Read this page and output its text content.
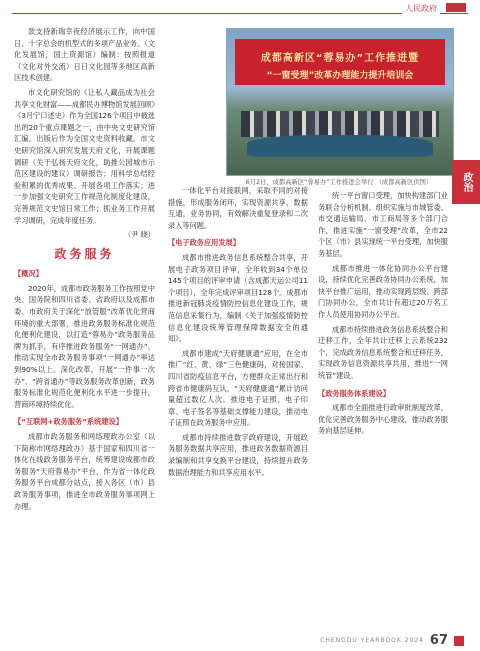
人民政府

款支持新瑞幸夜经济展示工作，向中国日、十字总会的机型式的多项产品业务。（文化发展馆，国土资源馆）编制：按照报道（文化对外交流）日日文化园等多地区高新区技术创建。

市文化研究馆的《让私人藏品成为社会共享文化财富——成都民办博物馆发展回顾》（3月宁口述史）作为全国126个项目中被选出的20个重点课题之一，由中央文史研究馆汇编。出版后作为全国文史资料收藏。市文史研究馆深入研究发展天府文化，开展课题调研（关于弘扬天府文化，助推公园城市示范区建设的建议）调研报告；用科学总结经验积累的优秀成果、开展各项工作落实；进一步加强文史研究工作规范化制度化建设，完善规范文史馆日常工作；抓业务工作开展学习调研，完成年度任务。

（尹 晓）

政务服务
【概况】

2020年，成都市政务服务工作按照党中央、国务院和四川省委、省政府以及成都市委、市政府关于深化“放管服”改革优化营商环境的重大部署，推进政务服务标准化规范化便利化建设，以打造“蓉易办”政务服务品牌为抓手，有序推进政务服务“一网通办”，推动实现全市政务服务事项“一网通办”率达到90%以上。深化改革，开展“一件事一次办”、“跨省通办”等政务服务改革创新，政务服务标准化规范化便利化水平进一步提升，营商环境持续优化。

【“互联网+政务服务”系统建设】

成都市政务服务和网络理政办公室（以下简称市网络理政办）基于国家和四川省一体化在线政务服务平台，统筹建设成都市政务服务“天府蓉易办”平台，作为省一体化政务服务平台成都分站点，接入各区（市）县政务服务事项，推进全市政务服务事项网上办理。

成都高新区“蓉易办”工作推进暨
“一窗受理”改革办理能力提升培训会
6月2日，成都高新区“蓉易办”工作推进会举行 （成都高新区供图）

一体化平台对接联网，采取不同的对接措施，形成服务闭环，实现资源共享，数据互通，业务协同，有效解决重复登录和二次录入等问题。

【电子政务应用发展】

成都市推进政务信息系统整合共享，开展电子政务项目评审，全年收到34个单位145个项目的评审申请（含成都天运公司11个项目），全年完成评审项目128个。成都市推进新冠肺炎疫情防控信息化建设工作，规范信息采集行为，编制《关于加强疫情防控信息化建设统筹管理保障数据安全的通知》。

成都市建成“天府健康通”应用，在全市推广“红、黄、绿”三色健康码，对接国家、四川省防疫信息平台，方便群众正常出行和跨省市健康码互认，“天府健康通”累计访问量超过数亿人次。推进电子证照、电子印章、电子签名等基础支撑能力建设，推动电子证照在政务服务中应用。

成都市持续推进数字政府建设，开展政务服务数据共享应用，推进政务数据资源目录编制和共享交换平台建设，持续提升政务数据治理能力和共享应用水平。

统一平台窗口受理，加快构建部门业务联合分析机制、组织实施与市城管委、市交通运输局、市工商局等多个部门合作，推进实施“一窗受理”改革，全市22个区（市）县实现统一平台受理，加快服务基层。

成都市推进一体化协同办公平台建设，持续优化完善政务协同办公系统，加快平台推广运用，推动实现跨层级、跨部门协同办公，全市共计有超过20万名工作人员使用协同办公平台。

成都市持续推进政务信息系统整合和迁移工作，全年共计迁移上云系统232个，完成政务信息系统整合和迁移任务，实现政务信息资源共享共用，推进“一网统管”建设。

【政务服务体系建设】

成都市全面推进行政审批制度改革，优化完善政务服务中心建设，推动政务服务向基层延伸。

政治
CHENGDU YEARBOOK 2024 67
